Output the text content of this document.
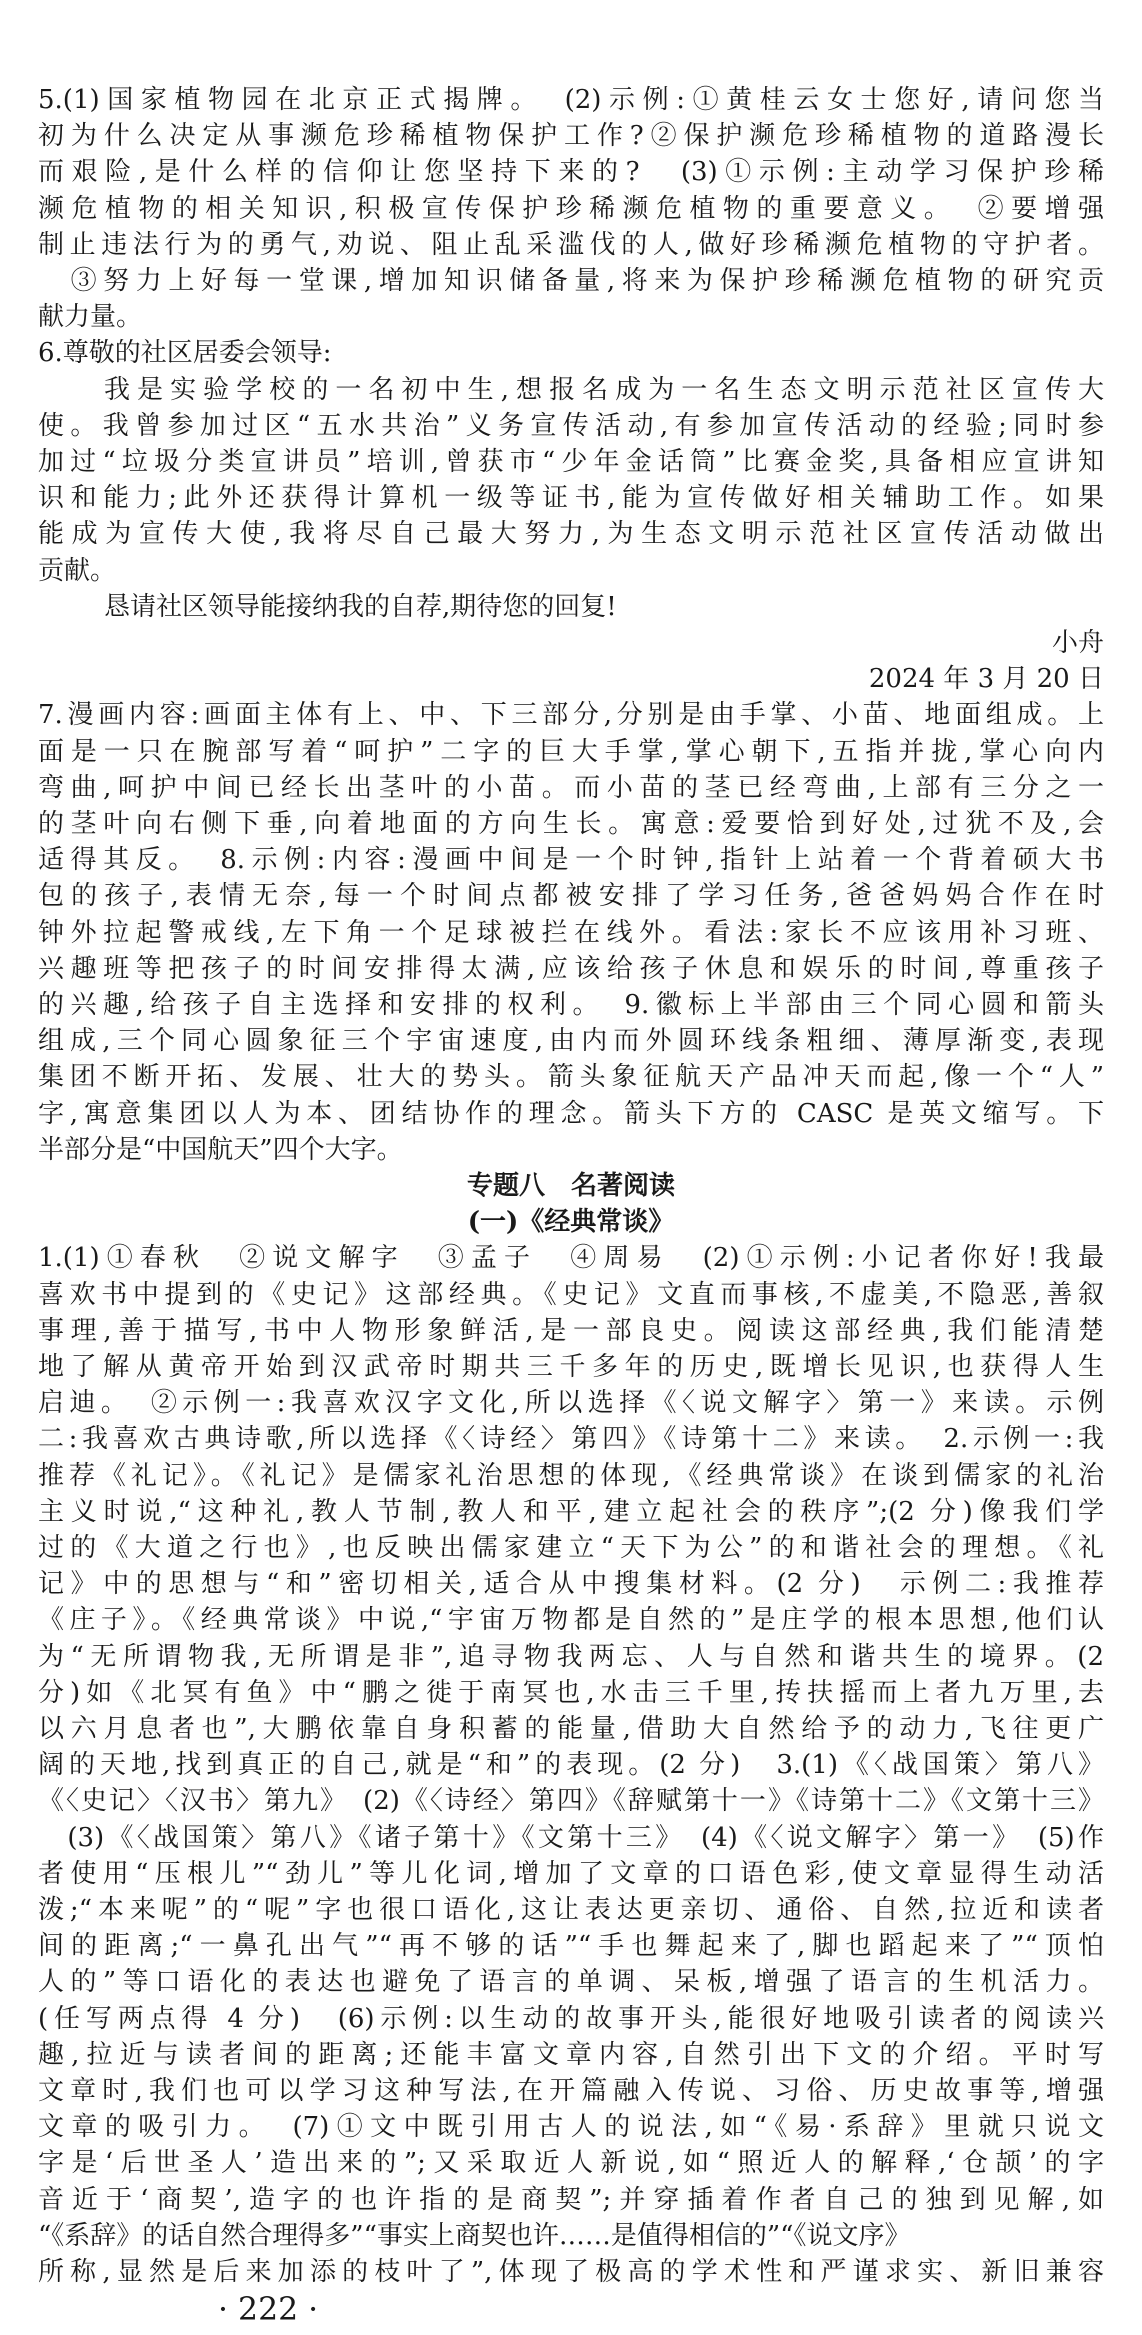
· 222 ·
5.(1)国家植物园在北京正式揭牌。　(2)示例:①黄桂云女士您好,请问您当
初为什么决定从事濒危珍稀植物保护工作?②保护濒危珍稀植物的道路漫长
而艰险,是什么样的信仰让您坚持下来的?　(3)①示例:主动学习保护珍稀
濒危植物的相关知识,积极宣传保护珍稀濒危植物的重要意义。　②要增强
制止违法行为的勇气,劝说、阻止乱采滥伐的人,做好珍稀濒危植物的守护者。
　③努力上好每一堂课,增加知识储备量,将来为保护珍稀濒危植物的研究贡
献力量。
6.尊敬的社区居委会领导:
我是实验学校的一名初中生,想报名成为一名生态文明示范社区宣传大
使。我曾参加过区“五水共治”义务宣传活动,有参加宣传活动的经验;同时参
加过“垃圾分类宣讲员”培训,曾获市“少年金话筒”比赛金奖,具备相应宣讲知
识和能力;此外还获得计算机一级等证书,能为宣传做好相关辅助工作。如果
能成为宣传大使,我将尽自己最大努力,为生态文明示范社区宣传活动做出
贡献。
恳请社区领导能接纳我的自荐,期待您的回复!
小舟
2024 年 3 月 20 日
7.漫画内容:画面主体有上、中、下三部分,分别是由手掌、小苗、地面组成。上
面是一只在腕部写着“呵护”二字的巨大手掌,掌心朝下,五指并拢,掌心向内
弯曲,呵护中间已经长出茎叶的小苗。而小苗的茎已经弯曲,上部有三分之一
的茎叶向右侧下垂,向着地面的方向生长。寓意:爱要恰到好处,过犹不及,会
适得其反。　8.示例:内容:漫画中间是一个时钟,指针上站着一个背着硕大书
包的孩子,表情无奈,每一个时间点都被安排了学习任务,爸爸妈妈合作在时
钟外拉起警戒线,左下角一个足球被拦在线外。看法:家长不应该用补习班、
兴趣班等把孩子的时间安排得太满,应该给孩子休息和娱乐的时间,尊重孩子
的兴趣,给孩子自主选择和安排的权利。　9.徽标上半部由三个同心圆和箭头
组成,三个同心圆象征三个宇宙速度,由内而外圆环线条粗细、薄厚渐变,表现
集团不断开拓、发展、壮大的势头。箭头象征航天产品冲天而起,像一个“人”
字,寓意集团以人为本、团结协作的理念。箭头下方的 CASC 是英文缩写。下
半部分是“中国航天”四个大字。
专题八　名著阅读
(一)《经典常谈》
1.(1)①春秋　②说文解字　③孟子　④周易　(2)①示例:小记者你好!我最
喜欢书中提到的《史记》这部经典。《史记》文直而事核,不虚美,不隐恶,善叙
事理,善于描写,书中人物形象鲜活,是一部良史。阅读这部经典,我们能清楚
地了解从黄帝开始到汉武帝时期共三千多年的历史,既增长见识,也获得人生
启迪。　②示例一:我喜欢汉字文化,所以选择《〈说文解字〉第一》来读。示例
二:我喜欢古典诗歌,所以选择《〈诗经〉第四》《诗第十二》来读。　2.示例一:我
推荐《礼记》。《礼记》是儒家礼治思想的体现,《经典常谈》在谈到儒家的礼治
主义时说,“这种礼,教人节制,教人和平,建立起社会的秩序”;(2 分)像我们学
过的《大道之行也》,也反映出儒家建立“天下为公”的和谐社会的理想。《礼
记》中的思想与“和”密切相关,适合从中搜集材料。(2 分)　示例二:我推荐
《庄子》。《经典常谈》中说,“宇宙万物都是自然的”是庄学的根本思想,他们认
为“无所谓物我,无所谓是非”,追寻物我两忘、人与自然和谐共生的境界。(2
分)如《北冥有鱼》中“鹏之徙于南冥也,水击三千里,抟扶摇而上者九万里,去
以六月息者也”,大鹏依靠自身积蓄的能量,借助大自然给予的动力,飞往更广
阔的天地,找到真正的自己,就是“和”的表现。(2 分)　3.(1)《〈战国策〉第八》
《〈史记〉〈汉书〉第九》　(2)《〈诗经〉第四》《辞赋第十一》《诗第十二》《文第十三》
　(3)《〈战国策〉第八》《诸子第十》《文第十三》　(4)《〈说文解字〉第一》　(5)作
者使用“压根儿”“劲儿”等儿化词,增加了文章的口语色彩,使文章显得生动活
泼;“本来呢”的“呢”字也很口语化,这让表达更亲切、通俗、自然,拉近和读者
间的距离;“一鼻孔出气”“再不够的话”“手也舞起来了,脚也蹈起来了”“顶怕
人的”等口语化的表达也避免了语言的单调、呆板,增强了语言的生机活力。
(任写两点得 4 分)　(6)示例:以生动的故事开头,能很好地吸引读者的阅读兴
趣,拉近与读者间的距离;还能丰富文章内容,自然引出下文的介绍。平时写
文章时,我们也可以学习这种写法,在开篇融入传说、习俗、历史故事等,增强
文章的吸引力。　(7)①文中既引用古人的说法,如“《易·系辞》里就只说文
字是‘后世圣人’造出来的”;又采取近人新说,如“照近人的解释,‘仓颉’的字
音近于‘商契’,造字的也许指的是商契”;并穿插着作者自己的独到见解,如
“《系辞》的话自然合理得多”“事实上商契也许……是值得相信的”“《说文序》
所称,显然是后来加添的枝叶了”,体现了极高的学术性和严谨求实、新旧兼容
